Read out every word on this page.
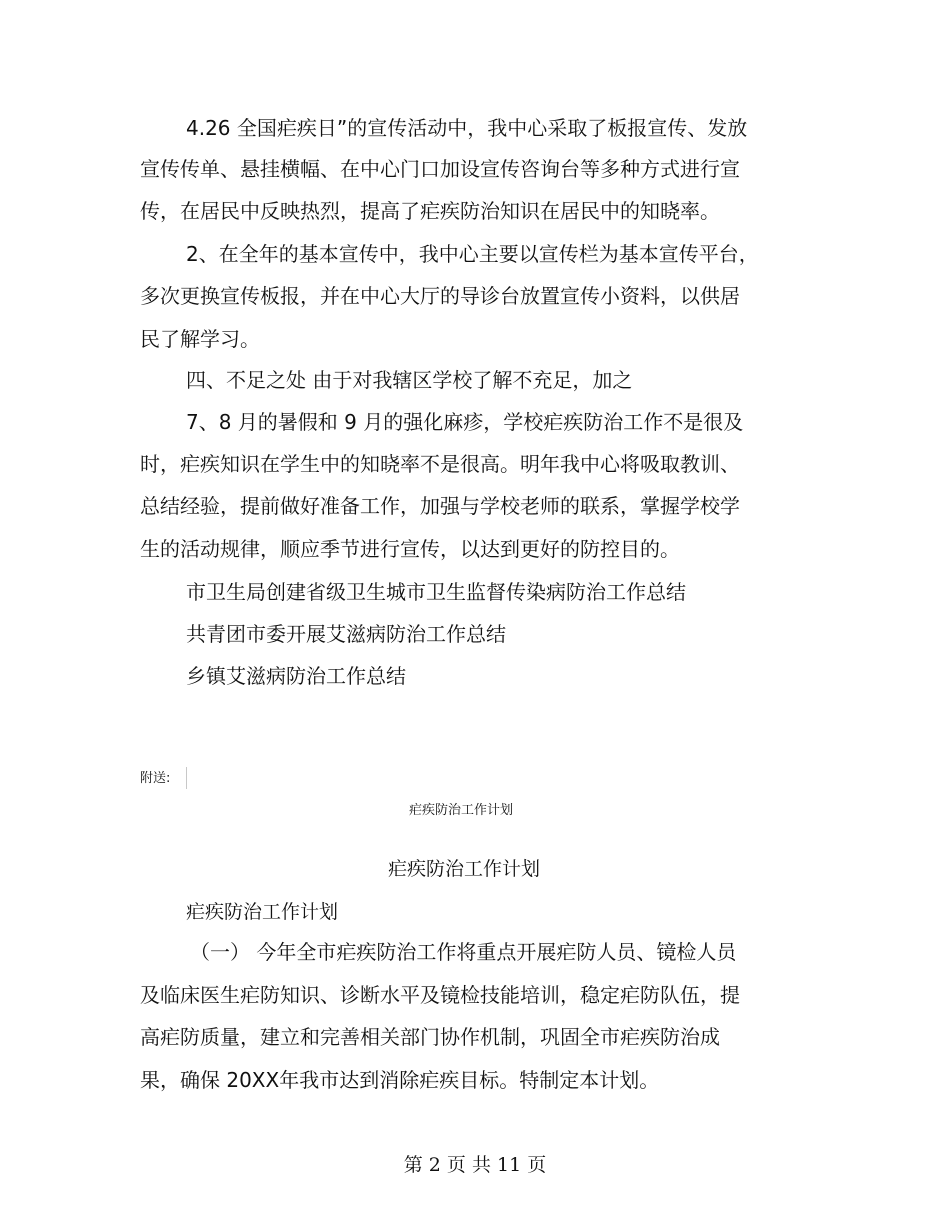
4.26 全国疟疾日”的宣传活动中，我中心采取了板报宣传、发放
宣传传单、悬挂横幅、在中心门口加设宣传咨询台等多种方式进行宣
传，在居民中反映热烈，提高了疟疾防治知识在居民中的知晓率。
2、在全年的基本宣传中，我中心主要以宣传栏为基本宣传平台，
多次更换宣传板报，并在中心大厅的导诊台放置宣传小资料，以供居
民了解学习。
四、不足之处 由于对我辖区学校了解不充足，加之
7、8 月的暑假和 9 月的强化麻疹，学校疟疾防治工作不是很及
时，疟疾知识在学生中的知晓率不是很高。明年我中心将吸取教训、
总结经验，提前做好准备工作，加强与学校老师的联系，掌握学校学
生的活动规律，顺应季节进行宣传，以达到更好的防控目的。
市卫生局创建省级卫生城市卫生监督传染病防治工作总结
共青团市委开展艾滋病防治工作总结
乡镇艾滋病防治工作总结
附送:
疟疾防治工作计划
疟疾防治工作计划
疟疾防治工作计划
（一） 今年全市疟疾防治工作将重点开展疟防人员、镜检人员
及临床医生疟防知识、诊断水平及镜检技能培训，稳定疟防队伍，提
高疟防质量，建立和完善相关部门协作机制，巩固全市疟疾防治成
果，确保 20XX年我市达到消除疟疾目标。特制定本计划。
第 2 页 共 11 页
